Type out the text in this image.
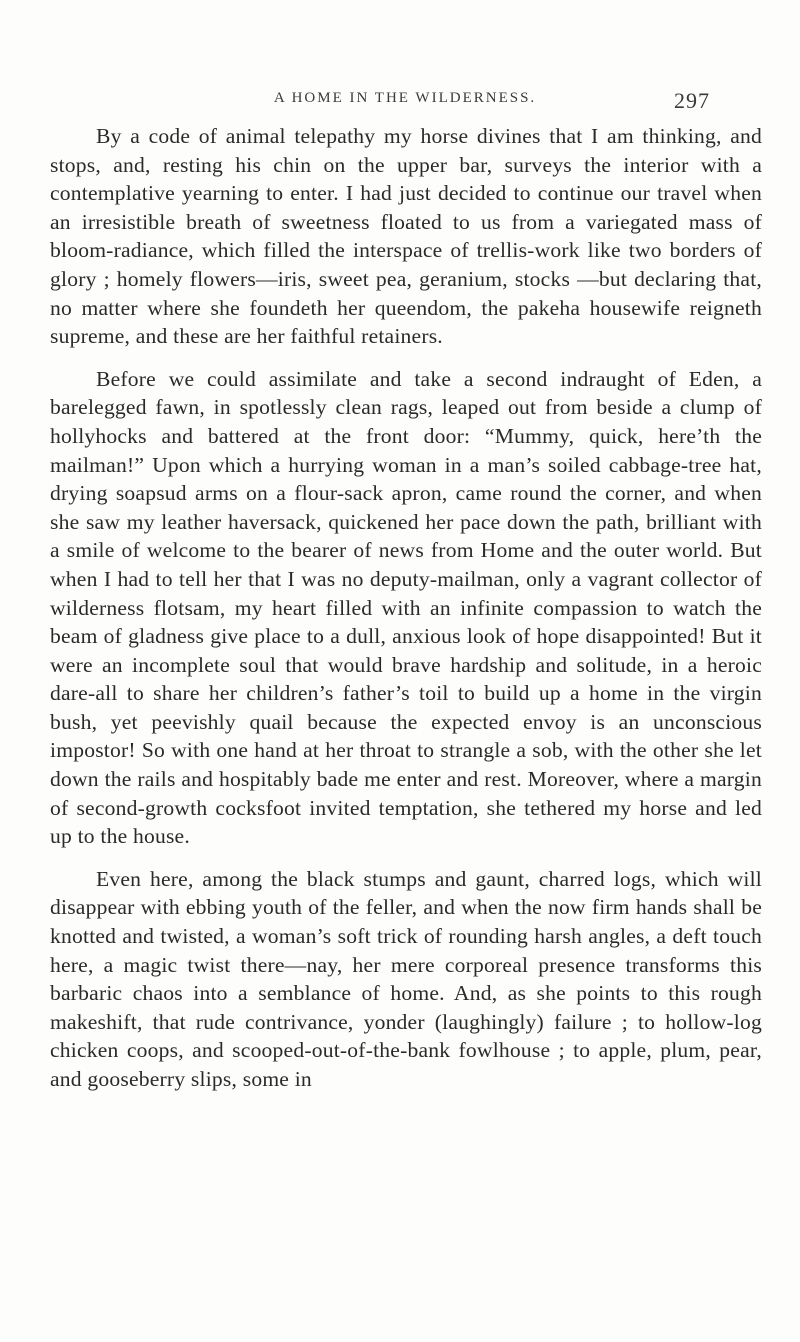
A HOME IN THE WILDERNESS.	297

By a code of animal telepathy my horse divines that I am thinking, and stops, and, resting his chin on the upper bar, surveys the interior with a contemplative yearning to enter. I had just decided to continue our travel when an irresistible breath of sweetness floated to us from a variegated mass of bloom-radiance, which filled the interspace of trellis-work like two borders of glory ; homely flowers—iris, sweet pea, geranium, stocks —but declaring that, no matter where she foundeth her queendom, the pakeha housewife reigneth supreme, and these are her faithful retainers.

Before we could assimilate and take a second indraught of Eden, a barelegged fawn, in spotlessly clean rags, leaped out from beside a clump of hollyhocks and battered at the front door: “Mummy, quick, here’th the mailman!” Upon which a hurrying woman in a man’s soiled cabbage-tree hat, drying soapsud arms on a flour-sack apron, came round the corner, and when she saw my leather haversack, quickened her pace down the path, brilliant with a smile of welcome to the bearer of news from Home and the outer world. But when I had to tell her that I was no deputy-mailman, only a vagrant collector of wilderness flotsam, my heart filled with an infinite compassion to watch the beam of gladness give place to a dull, anxious look of hope disappointed! But it were an incomplete soul that would brave hardship and solitude, in a heroic dare-all to share her children’s father’s toil to build up a home in the virgin bush, yet peevishly quail because the expected envoy is an unconscious impostor! So with one hand at her throat to strangle a sob, with the other she let down the rails and hospitably bade me enter and rest. Moreover, where a margin of second-growth cocksfoot invited temptation, she tethered my horse and led up to the house.

Even here, among the black stumps and gaunt, charred logs, which will disappear with ebbing youth of the feller, and when the now firm hands shall be knotted and twisted, a woman’s soft trick of rounding harsh angles, a deft touch here, a magic twist there—nay, her mere corporeal presence transforms this barbaric chaos into a semblance of home. And, as she points to this rough makeshift, that rude contrivance, yonder (laughingly) failure ; to hollow-log chicken coops, and scooped-out-of-the-bank fowlhouse ; to apple, plum, pear, and gooseberry slips, some in
